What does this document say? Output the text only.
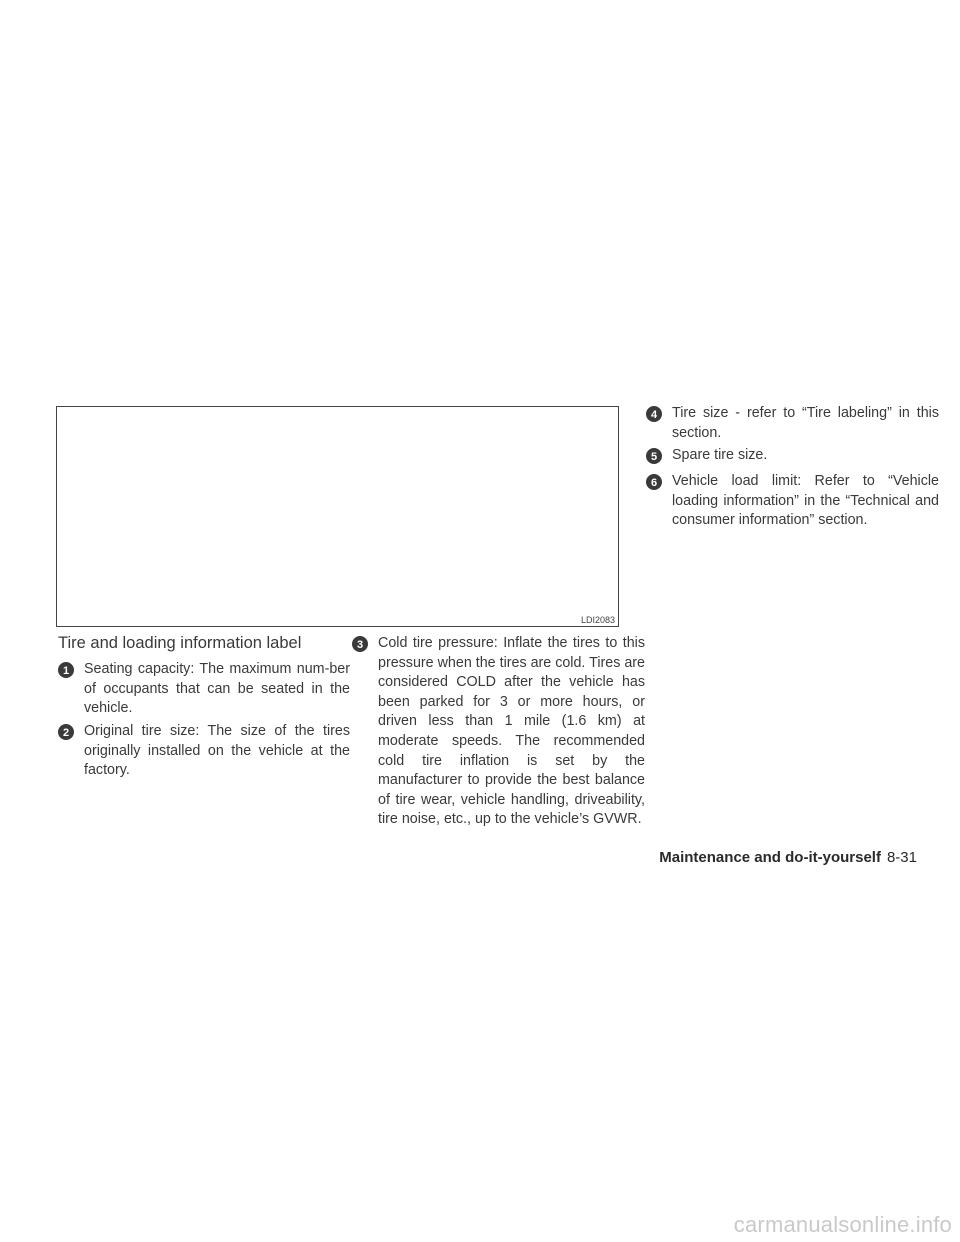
LDI2083
Tire and loading information label
1 Seating capacity: The maximum num-ber of occupants that can be seated in the vehicle.
2 Original tire size: The size of the tires originally installed on the vehicle at the factory.
3 Cold tire pressure: Inflate the tires to this pressure when the tires are cold. Tires are considered COLD after the vehicle has been parked for 3 or more hours, or driven less than 1 mile (1.6 km) at moderate speeds. The recommended cold tire inflation is set by the manufacturer to provide the best balance of tire wear, vehicle handling, driveability, tire noise, etc., up to the vehicle’s GVWR.
4 Tire size - refer to “Tire labeling” in this section.
5 Spare tire size.
6 Vehicle load limit: Refer to “Vehicle loading information” in the “Technical and consumer information” section.
Maintenance and do-it-yourself 8-31
carmanualsonline.info
